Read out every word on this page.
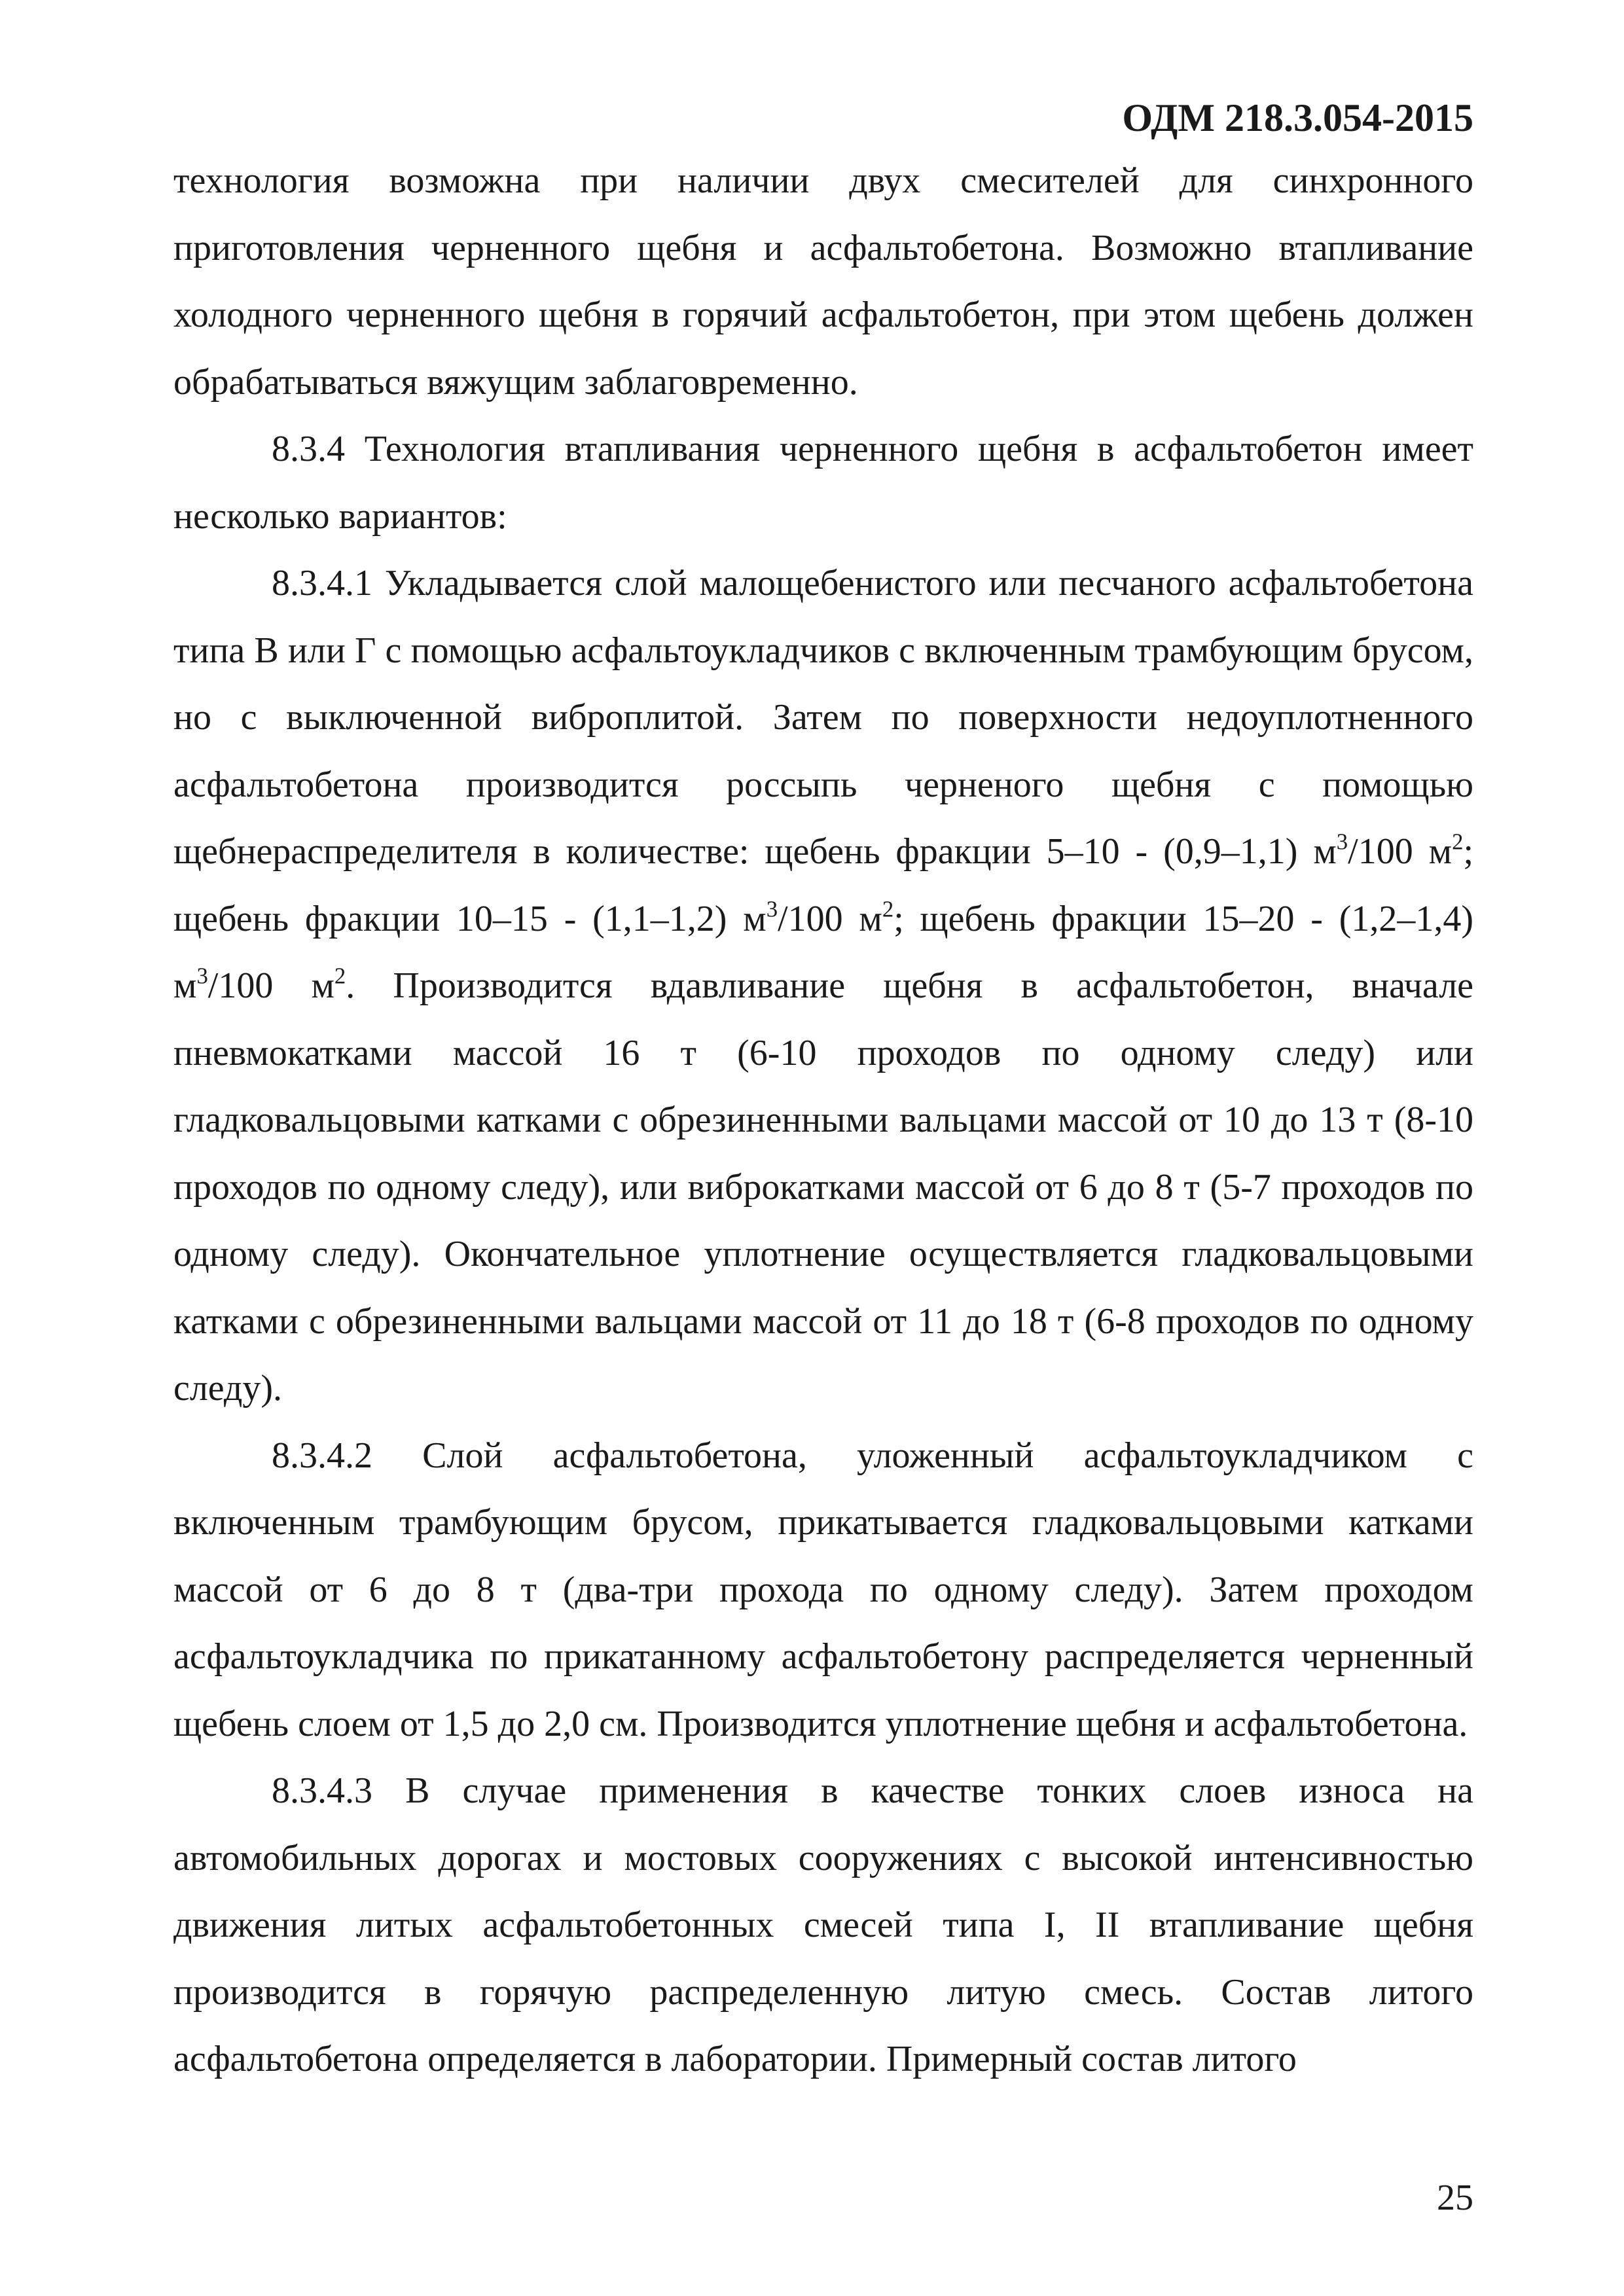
ОДМ 218.3.054-2015

технология возможна при наличии двух смесителей для синхронного приготовления черненного щебня и асфальтобетона. Возможно втапливание холодного черненного щебня в горячий асфальтобетон, при этом щебень должен обрабатываться вяжущим заблаговременно.

8.3.4 Технология втапливания черненного щебня в асфальтобетон имеет несколько вариантов:

8.3.4.1 Укладывается слой малощебенистого или песчаного асфальтобетона типа В или Г с помощью асфальтоукладчиков с включенным трамбующим брусом, но с выключенной виброплитой. Затем по поверхности недоуплотненного асфальтобетона производится россыпь черненого щебня с помощью щебнераспределителя в количестве: щебень фракции 5–10 - (0,9–1,1) $м^3/100$ $м^2$; щебень фракции 10–15 - (1,1–1,2) $м^3/100$ $м^2$; щебень фракции 15–20 - (1,2–1,4) $м^3/100$ $м^2$. Производится вдавливание щебня в асфальтобетон, вначале пневмокатками массой 16 т (6-10 проходов по одному следу) или гладковальцовыми катками с обрезиненными вальцами массой от 10 до 13 т (8-10 проходов по одному следу), или виброкатками массой от 6 до 8 т (5-7 проходов по одному следу). Окончательное уплотнение осуществляется гладковальцовыми катками с обрезиненными вальцами массой от 11 до 18 т (6-8 проходов по одному следу).

8.3.4.2 Слой асфальтобетона, уложенный асфальтоукладчиком с включенным трамбующим брусом, прикатывается гладковальцовыми катками массой от 6 до 8 т (два-три прохода по одному следу). Затем проходом асфальтоукладчика по прикатанному асфальтобетону распределяется черненный щебень слоем от 1,5 до 2,0 см. Производится уплотнение щебня и асфальтобетона.

8.3.4.3 В случае применения в качестве тонких слоев износа на автомобильных дорогах и мостовых сооружениях с высокой интенсивностью движения литых асфальтобетонных смесей типа I, II втапливание щебня производится в горячую распределенную литую смесь. Состав литого асфальтобетона определяется в лаборатории. Примерный состав литого

25
